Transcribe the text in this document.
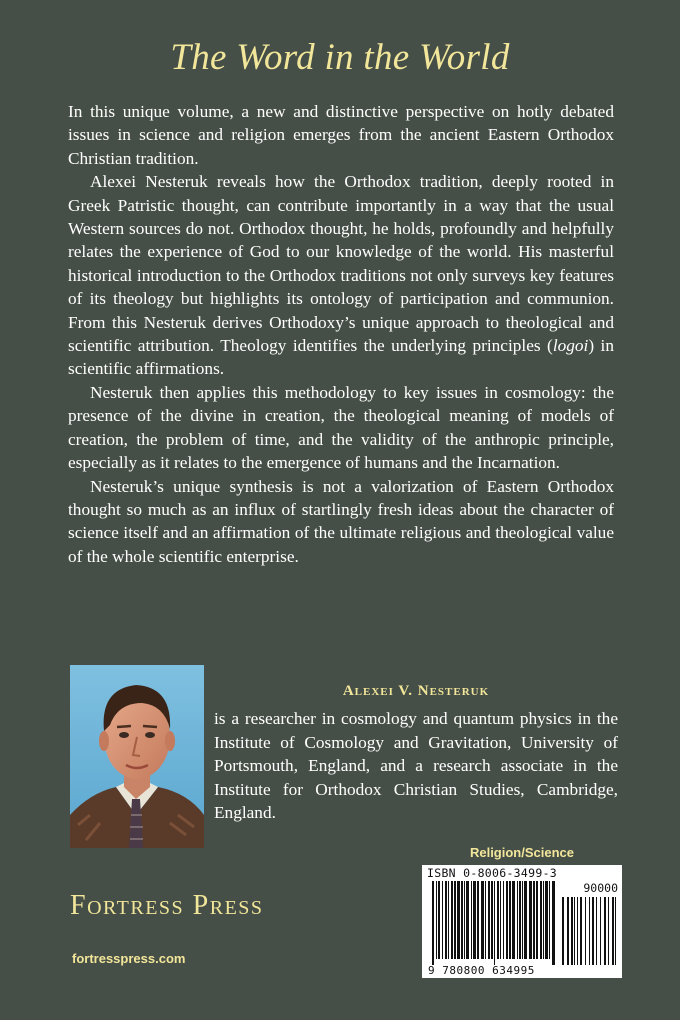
The Word in the World

In this unique volume, a new and distinctive perspective on hotly debated issues in science and religion emerges from the ancient Eastern Orthodox Christian tradition.

Alexei Nesteruk reveals how the Orthodox tradition, deeply rooted in Greek Patristic thought, can contribute importantly in a way that the usual Western sources do not. Orthodox thought, he holds, profoundly and helpfully relates the experience of God to our knowledge of the world. His masterful historical introduction to the Orthodox traditions not only surveys key features of its theology but highlights its ontology of participation and communion. From this Nesteruk derives Orthodoxy’s unique approach to theological and scientific attribution. Theology identifies the underlying principles (logoi) in scientific affirmations.

Nesteruk then applies this methodology to key issues in cosmology: the presence of the divine in creation, the theological meaning of models of creation, the problem of time, and the validity of the anthropic principle, especially as it relates to the emergence of humans and the Incarnation.

Nesteruk’s unique synthesis is not a valorization of Eastern Orthodox thought so much as an influx of startlingly fresh ideas about the character of science itself and an affirmation of the ultimate religious and theological value of the whole scientific enterprise.

Alexei V. Nesteruk

is a researcher in cosmology and quantum physics in the Institute of Cosmology and Gravitation, University of Portsmouth, England, and a research associate in the Institute for Orthodox Christian Studies, Cambridge, England.

Religion/Science
ISBN 0-8006-3499-3
90000
9 780800 634995
Fortress Press
fortresspress.com
